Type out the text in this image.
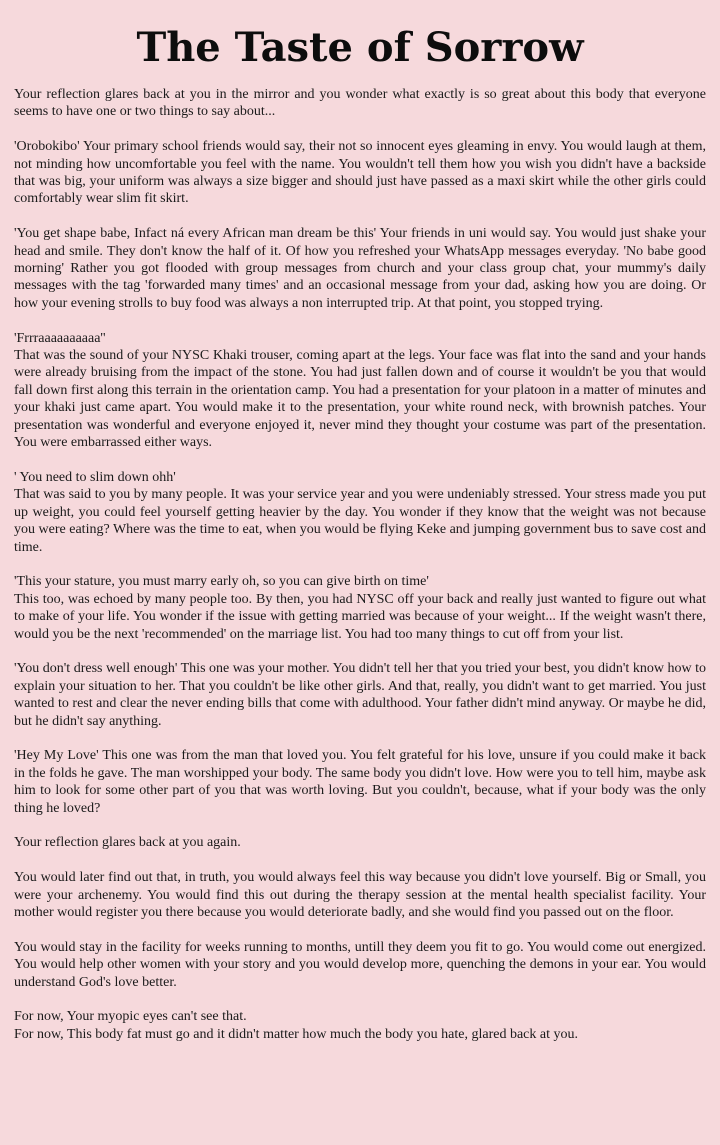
The Taste of Sorrow

Your reflection glares back at you in the mirror and you wonder what exactly is so great about this body that everyone seems to have one or two things to say about...

'Orobokibo' Your primary school friends would say, their not so innocent eyes gleaming in envy. You would laugh at them, not minding how uncomfortable you feel with the name. You wouldn't tell them how you wish you didn't have a backside that was big, your uniform was always a size bigger and should just have passed as a maxi skirt while the other girls could comfortably wear slim fit skirt.

'You get shape babe, Infact ná every African man dream be this' Your friends in uni would say. You would just shake your head and smile. They don't know the half of it. Of how you refreshed your WhatsApp messages everyday. 'No babe good morning' Rather you got flooded with group messages from church and your class group chat, your mummy's daily messages with the tag 'forwarded many times' and an occasional message from your dad, asking how you are doing. Or how your evening strolls to buy food was always a non interrupted trip. At that point, you stopped trying.

'Frrraaaaaaaaaa''
That was the sound of your NYSC Khaki trouser, coming apart at the legs. Your face was flat into the sand and your hands were already bruising from the impact of the stone. You had just fallen down and of course it wouldn't be you that would fall down first along this terrain in the orientation camp. You had a presentation for your platoon in a matter of minutes and your khaki just came apart. You would make it to the presentation, your white round neck, with brownish patches. Your presentation was wonderful and everyone enjoyed it, never mind they thought your costume was part of the presentation. You were embarrassed either ways.

' You need to slim down ohh'
That was said to you by many people. It was your service year and you were undeniably stressed. Your stress made you put up weight, you could feel yourself getting heavier by the day. You wonder if they know that the weight was not because you were eating? Where was the time to eat, when you would be flying Keke and jumping government bus to save cost and time.

'This your stature, you must marry early oh, so you can give birth on time'
This too, was echoed by many people too. By then, you had NYSC off your back and really just wanted to figure out what to make of your life. You wonder if the issue with getting married was because of your weight... If the weight wasn't there, would you be the next 'recommended' on the marriage list. You had too many things to cut off from your list.

'You don't dress well enough' This one was your mother. You didn't tell her that you tried your best, you didn't know how to explain your situation to her. That you couldn't be like other girls. And that, really, you didn't want to get married. You just wanted to rest and clear the never ending bills that come with adulthood. Your father didn't mind anyway. Or maybe he did, but he didn't say anything.

'Hey My Love' This one was from the man that loved you. You felt grateful for his love, unsure if you could make it back in the folds he gave. The man worshipped your body. The same body you didn't love. How were you to tell him, maybe ask him to look for some other part of you that was worth loving. But you couldn't, because, what if your body was the only thing he loved?

Your reflection glares back at you again.

You would later find out that, in truth, you would always feel this way because you didn't love yourself. Big or Small, you were your archenemy. You would find this out during the therapy session at the mental health specialist facility. Your mother would register you there because you would deteriorate badly, and she would find you passed out on the floor.

You would stay in the facility for weeks running to months, untill they deem you fit to go. You would come out energized. You would help other women with your story and you would develop more, quenching the demons in your ear. You would understand God's love better.

For now, Your myopic eyes can't see that.
For now, This body fat must go and it didn't matter how much the body you hate, glared back at you.
